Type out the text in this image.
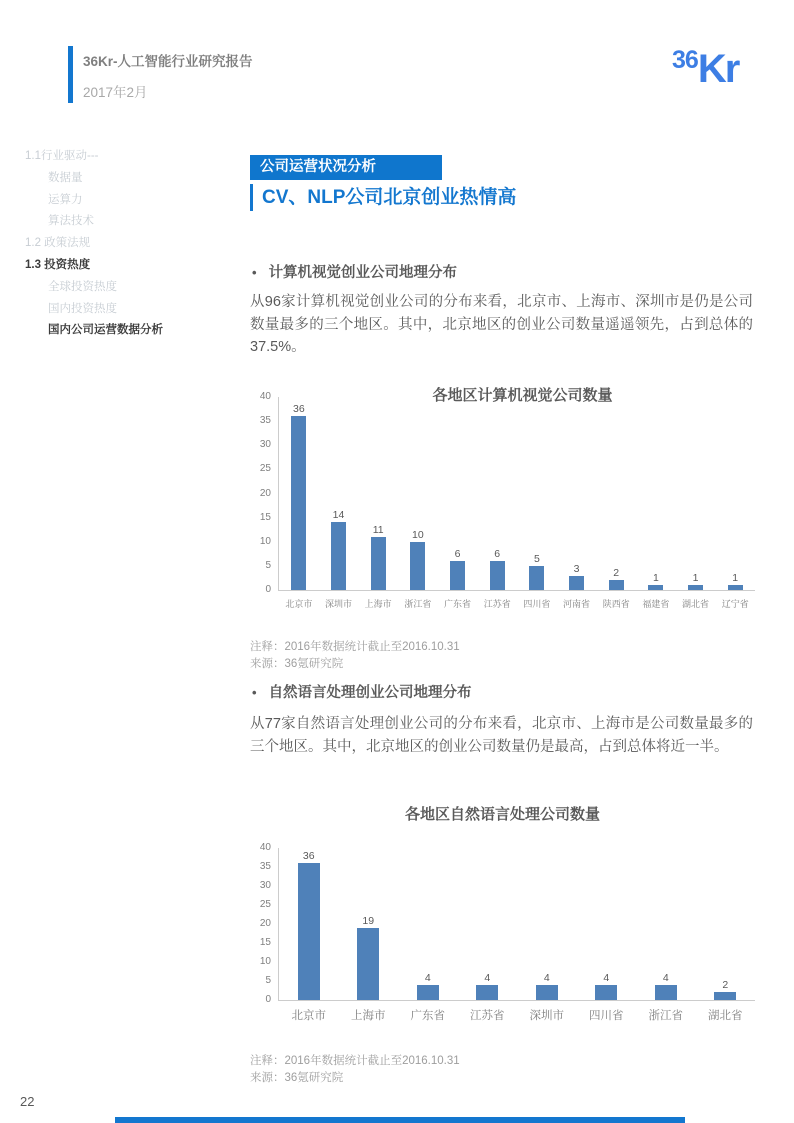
36Kr-人工智能行业研究报告
2017年2月
36Kr
1.1行业驱动---
数据量
运算力
算法技术
1.2 政策法规
1.3 投资热度
全球投资热度
国内投资热度
国内公司运营数据分析
公司运营状况分析
CV、NLP公司北京创业热情高
• 计算机视觉创业公司地理分布
从96家计算机视觉创业公司的分布来看，北京市、上海市、深圳市是仍是公司数量最多的三个地区。其中，北京地区的创业公司数量遥遥领先，占到总体的37.5%。
各地区计算机视觉公司数量
40
35
30
25
20
15
10
5
0
36
14
11	10
6	6	5
3	2	1	1	1
北京市	深圳市	上海市	浙江省	广东省	江苏省	四川省	河南省	陕西省	福建省	湖北省	辽宁省
注释：2016年数据统计截止至2016.10.31
来源：36氪研究院
• 自然语言处理创业公司地理分布
从77家自然语言处理创业公司的分布来看，北京市、上海市是公司数量最多的三个地区。其中，北京地区的创业公司数量仍是最高，占到总体将近一半。
各地区自然语言处理公司数量
40
35
30
25
20
15
10
5
0
36
19
4	4	4	4	4
2
北京市	上海市	广东省	江苏省	深圳市	四川省	浙江省	湖北省
注释：2016年数据统计截止至2016.10.31
来源：36氪研究院
22
